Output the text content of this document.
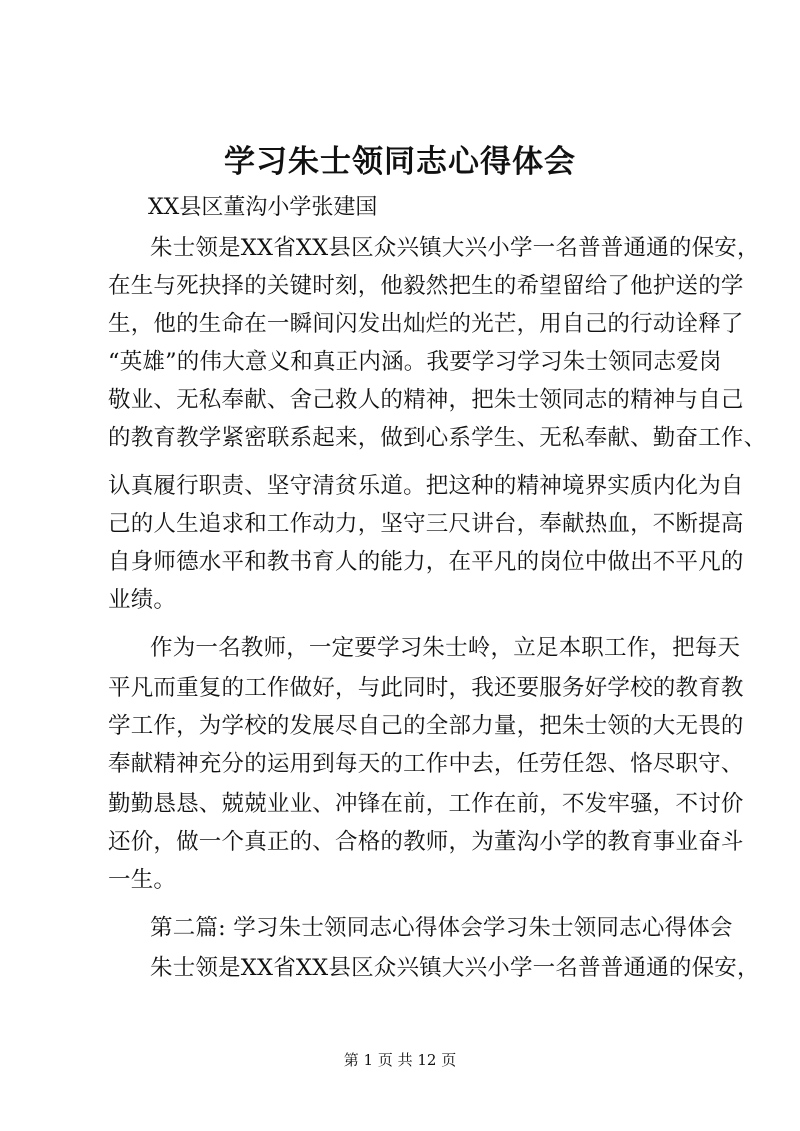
学习朱士领同志心得体会
XX县区董沟小学张建国
朱士领是XX省XX县区众兴镇大兴小学一名普普通通的保安，
在生与死抉择的关键时刻，他毅然把生的希望留给了他护送的学
生，他的生命在一瞬间闪发出灿烂的光芒，用自己的行动诠释了
“英雄”的伟大意义和真正内涵。我要学习学习朱士领同志爱岗
敬业、无私奉献、舍己救人的精神，把朱士领同志的精神与自己
的教育教学紧密联系起来，做到心系学生、无私奉献、勤奋工作、
认真履行职责、坚守清贫乐道。把这种的精神境界实质内化为自
己的人生追求和工作动力，坚守三尺讲台，奉献热血，不断提高
自身师德水平和教书育人的能力，在平凡的岗位中做出不平凡的
业绩。
作为一名教师，一定要学习朱士岭，立足本职工作，把每天
平凡而重复的工作做好，与此同时，我还要服务好学校的教育教
学工作，为学校的发展尽自己的全部力量，把朱士领的大无畏的
奉献精神充分的运用到每天的工作中去，任劳任怨、恪尽职守、
勤勤恳恳、兢兢业业、冲锋在前，工作在前，不发牢骚，不讨价
还价，做一个真正的、合格的教师，为董沟小学的教育事业奋斗
一生。
第二篇: 学习朱士领同志心得体会学习朱士领同志心得体会
朱士领是XX省XX县区众兴镇大兴小学一名普普通通的保安，
第 1 页 共 12 页
